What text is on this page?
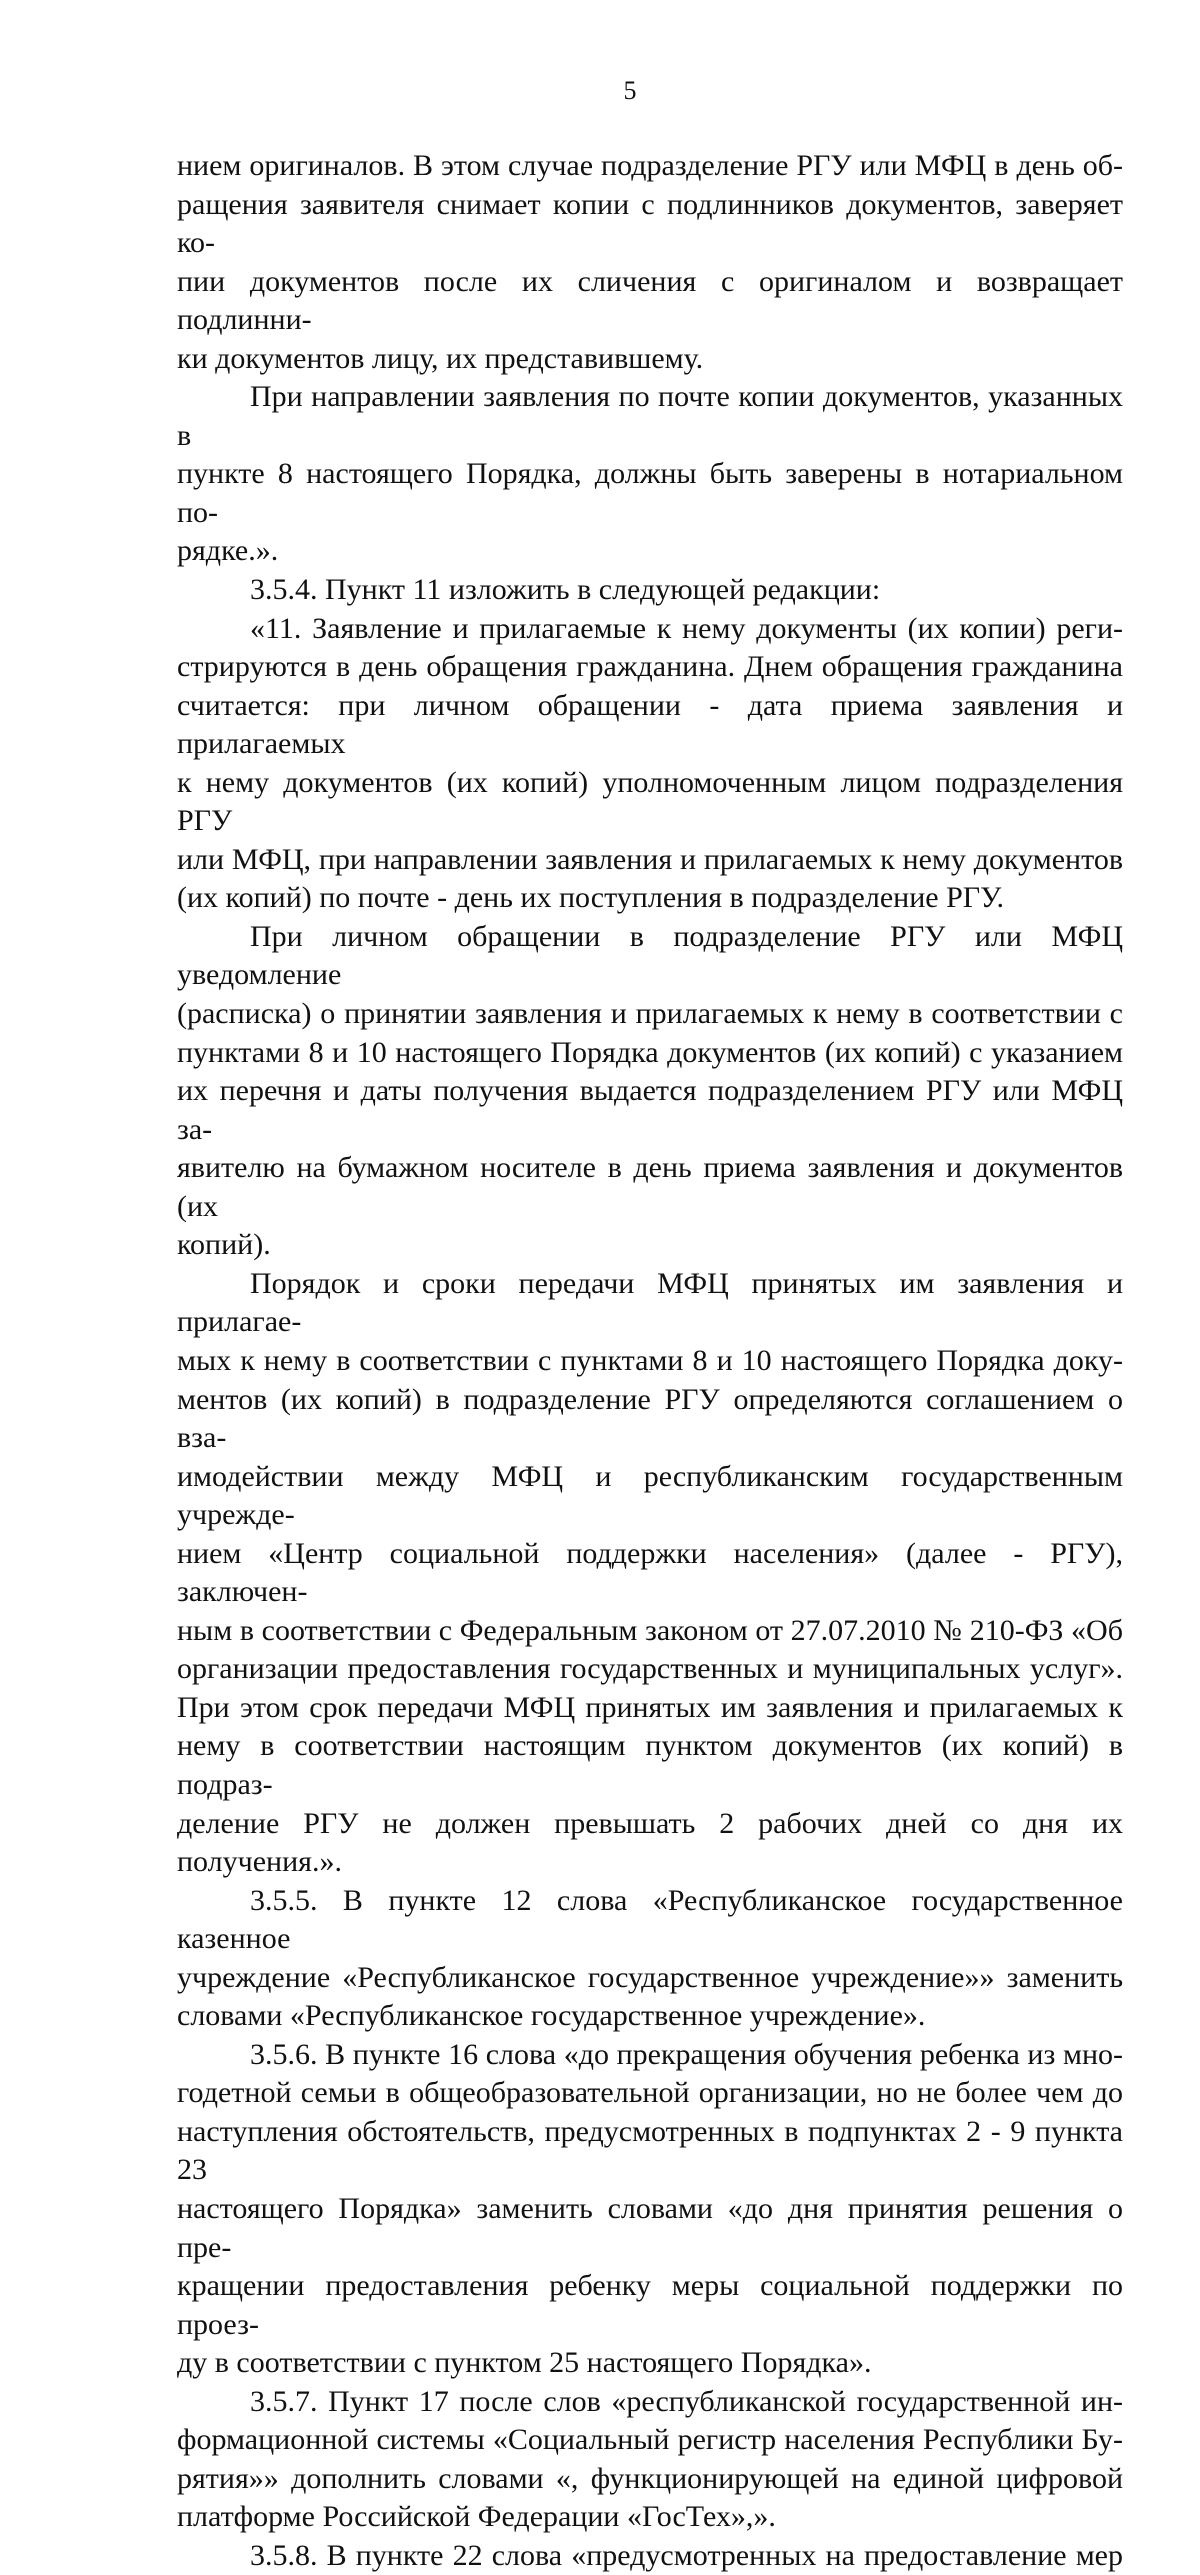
5

нием оригиналов. В этом случае подразделение РГУ или МФЦ в день об-

ращения заявителя снимает копии с подлинников документов, заверяет ко-

пии документов после их сличения с оригиналом и возвращает подлинни-

ки документов лицу, их представившему.

При направлении заявления по почте копии документов, указанных в

пункте 8 настоящего Порядка, должны быть заверены в нотариальном по-

рядке.».

3.5.4. Пункт 11 изложить в следующей редакции:

«11. Заявление и прилагаемые к нему документы (их копии) реги-

стрируются в день обращения гражданина. Днем обращения гражданина

считается: при личном обращении - дата приема заявления и прилагаемых

к нему документов (их копий) уполномоченным лицом подразделения РГУ

или МФЦ, при направлении заявления и прилагаемых к нему документов

(их копий) по почте - день их поступления в подразделение РГУ.

При личном обращении в подразделение РГУ или МФЦ уведомление

(расписка) о принятии заявления и прилагаемых к нему в соответствии с

пунктами 8 и 10 настоящего Порядка документов (их копий) с указанием

их перечня и даты получения выдается подразделением РГУ или МФЦ за-

явителю на бумажном носителе в день приема заявления и документов (их

копий).

Порядок и сроки передачи МФЦ принятых им заявления и прилагае-

мых к нему в соответствии с пунктами 8 и 10 настоящего Порядка доку-

ментов (их копий) в подразделение РГУ определяются соглашением о вза-

имодействии между МФЦ и республиканским государственным учрежде-

нием «Центр социальной поддержки населения» (далее - РГУ), заключен-

ным в соответствии с Федеральным законом от 27.07.2010 № 210-ФЗ «Об

организации предоставления государственных и муниципальных услуг».

При этом срок передачи МФЦ принятых им заявления и прилагаемых к

нему в соответствии настоящим пунктом документов (их копий) в подраз-

деление РГУ не должен превышать 2 рабочих дней со дня их получения.».

3.5.5. В пункте 12 слова «Республиканское государственное казенное

учреждение «Республиканское государственное учреждение»» заменить

словами «Республиканское государственное учреждение».

3.5.6. В пункте 16 слова «до прекращения обучения ребенка из мно-

годетной семьи в общеобразовательной организации, но не более чем до

наступления обстоятельств, предусмотренных в подпунктах 2 - 9 пункта 23

настоящего Порядка» заменить словами «до дня принятия решения о пре-

кращении предоставления ребенку меры социальной поддержки по проез-

ду в соответствии с пунктом 25 настоящего Порядка».

3.5.7. Пункт 17 после слов «республиканской государственной ин-

формационной системы «Социальный регистр населения Республики Бу-

рятия»» дополнить словами «, функционирующей на единой цифровой

платформе Российской Федерации «ГосТех»,».

3.5.8. В пункте 22 слова «предусмотренных на предоставление мер
